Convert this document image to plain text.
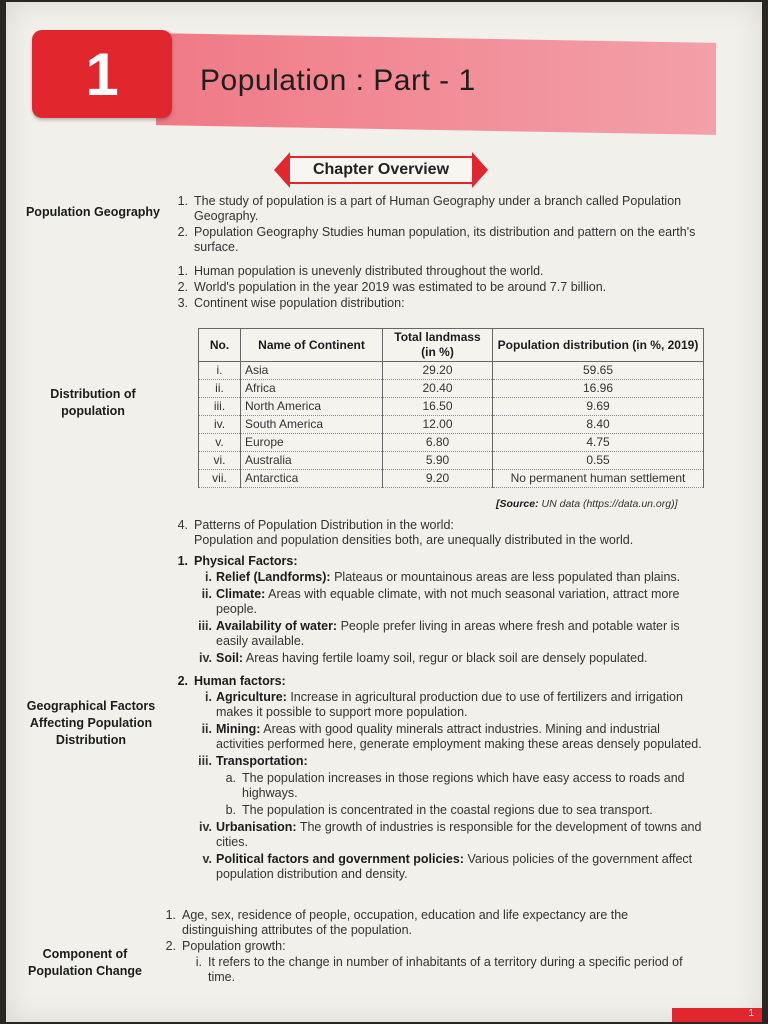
1	Population : Part - 1
Chapter Overview
Population Geography
Distribution of population
Geographical Factors Affecting Population Distribution
Component of Population Change
1. The study of population is a part of Human Geography under a branch called Population Geography.
2. Population Geography Studies human population, its distribution and pattern on the earth's surface.
1. Human population is unevenly distributed throughout the world.
2. World's population in the year 2019 was estimated to be around 7.7 billion.
3. Continent wise population distribution:
No.	Name of Continent	Total landmass (in %)	Population distribution (in %, 2019)
i.	Asia	29.20	59.65
ii.	Africa	20.40	16.96
iii.	North America	16.50	9.69
iv.	South America	12.00	8.40
v.	Europe	6.80	4.75
vi.	Australia	5.90	0.55
vii.	Antarctica	9.20	No permanent human settlement
[Source: UN data (https://data.un.org)]
4. Patterns of Population Distribution in the world:
Population and population densities both, are unequally distributed in the world.
1. Physical Factors:
i. Relief (Landforms): Plateaus or mountainous areas are less populated than plains.
ii. Climate: Areas with equable climate, with not much seasonal variation, attract more people.
iii. Availability of water: People prefer living in areas where fresh and potable water is easily available.
iv. Soil: Areas having fertile loamy soil, regur or black soil are densely populated.
2. Human factors:
i. Agriculture: Increase in agricultural production due to use of fertilizers and irrigation makes it possible to support more population.
ii. Mining: Areas with good quality minerals attract industries. Mining and industrial activities performed here, generate employment making these areas densely populated.
iii. Transportation:
a. The population increases in those regions which have easy access to roads and highways.
b. The population is concentrated in the coastal regions due to sea transport.
iv. Urbanisation: The growth of industries is responsible for the development of towns and cities.
v. Political factors and government policies: Various policies of the government affect population distribution and density.
1. Age, sex, residence of people, occupation, education and life expectancy are the distinguishing attributes of the population.
2. Population growth:
i. It refers to the change in number of inhabitants of a territory during a specific period of time.
1
